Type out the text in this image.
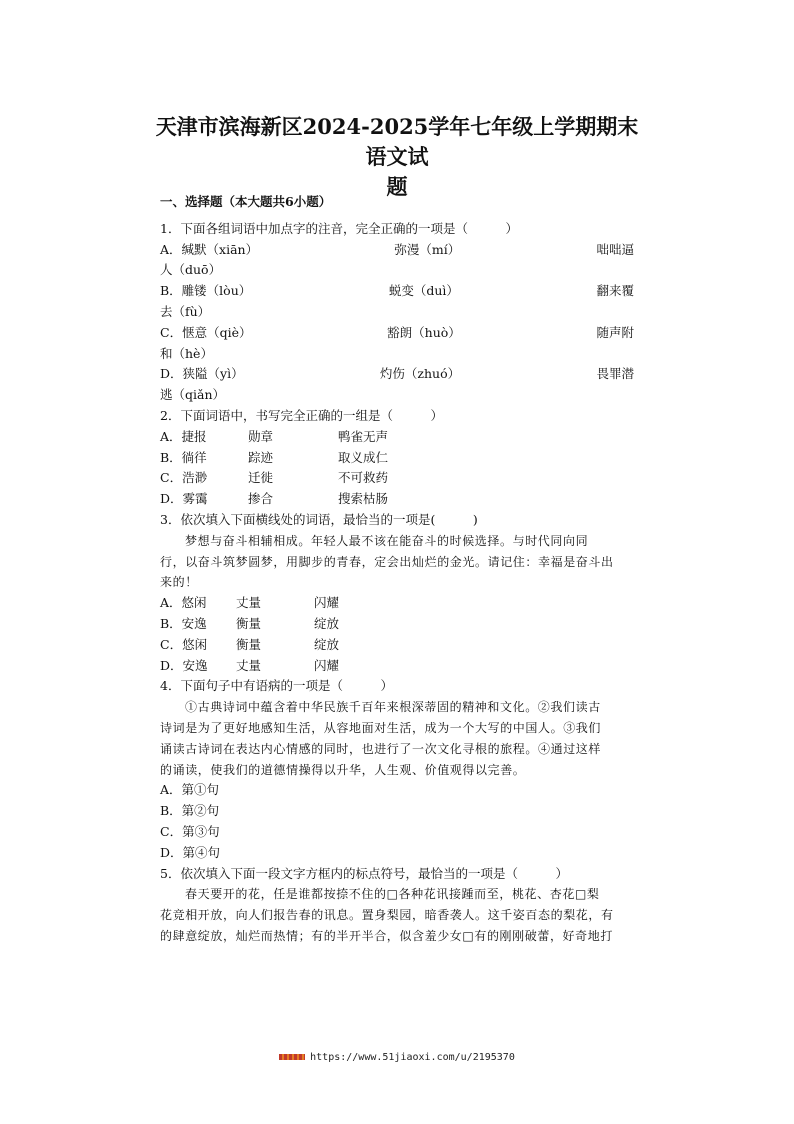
天津市滨海新区2024-2025学年七年级上学期期末语文试
题
一、选择题（本大题共6小题）
1．下面各组词语中加点字的注音，完全正确的一项是（　　　）
A．缄默（xiān）	弥漫（mí）	咄咄逼
人（duō）
B．雕镂（lòu）	蜕变（duì）	翻来覆
去（fù）
C．惬意（qiè）	豁朗（huò）	随声附
和（hè）
D．狭隘（yì）	灼伤（zhuó）	畏罪潜
逃（qiǎn）
2．下面词语中，书写完全正确的一组是（　　　）
A．捷报	勋章	鸭雀无声
B．徜徉	踪迹	取义成仁
C．浩渺	迁徙	不可救药
D．雾霭	掺合	搜索枯肠
3．依次填入下面横线处的词语，最恰当的一项是(　　　)
梦想与奋斗相辅相成。年轻人最不该在能奋斗的时候选择。与时代同向同
行，以奋斗筑梦圆梦，用脚步的青春，定会出灿烂的金光。请记住：幸福是奋斗出
来的！
A．悠闲 丈量	闪耀
B．安逸 衡量	绽放
C．悠闲 衡量	绽放
D．安逸 丈量	闪耀
4．下面句子中有语病的一项是（　　　）
①古典诗词中蕴含着中华民族千百年来根深蒂固的精神和文化。②我们读古
诗词是为了更好地感知生活，从容地面对生活，成为一个大写的中国人。③我们
诵读古诗词在表达内心情感的同时，也进行了一次文化寻根的旅程。④通过这样
的诵读，使我们的道德情操得以升华，人生观、价值观得以完善。
A．第①句
B．第②句
C．第③句
D．第④句
5．依次填入下面一段文字方框内的标点符号，最恰当的一项是（　　　）
春天要开的花，任是谁都按捺不住的□各种花讯接踵而至，桃花、杏花□梨
花竞相开放，向人们报告春的讯息。置身梨园，暗香袭人。这千姿百态的梨花，有
的肆意绽放，灿烂而热情；有的半开半合，似含羞少女□有的刚刚破蕾，好奇地打
https://www.51jiaoxi.com/u/2195370
